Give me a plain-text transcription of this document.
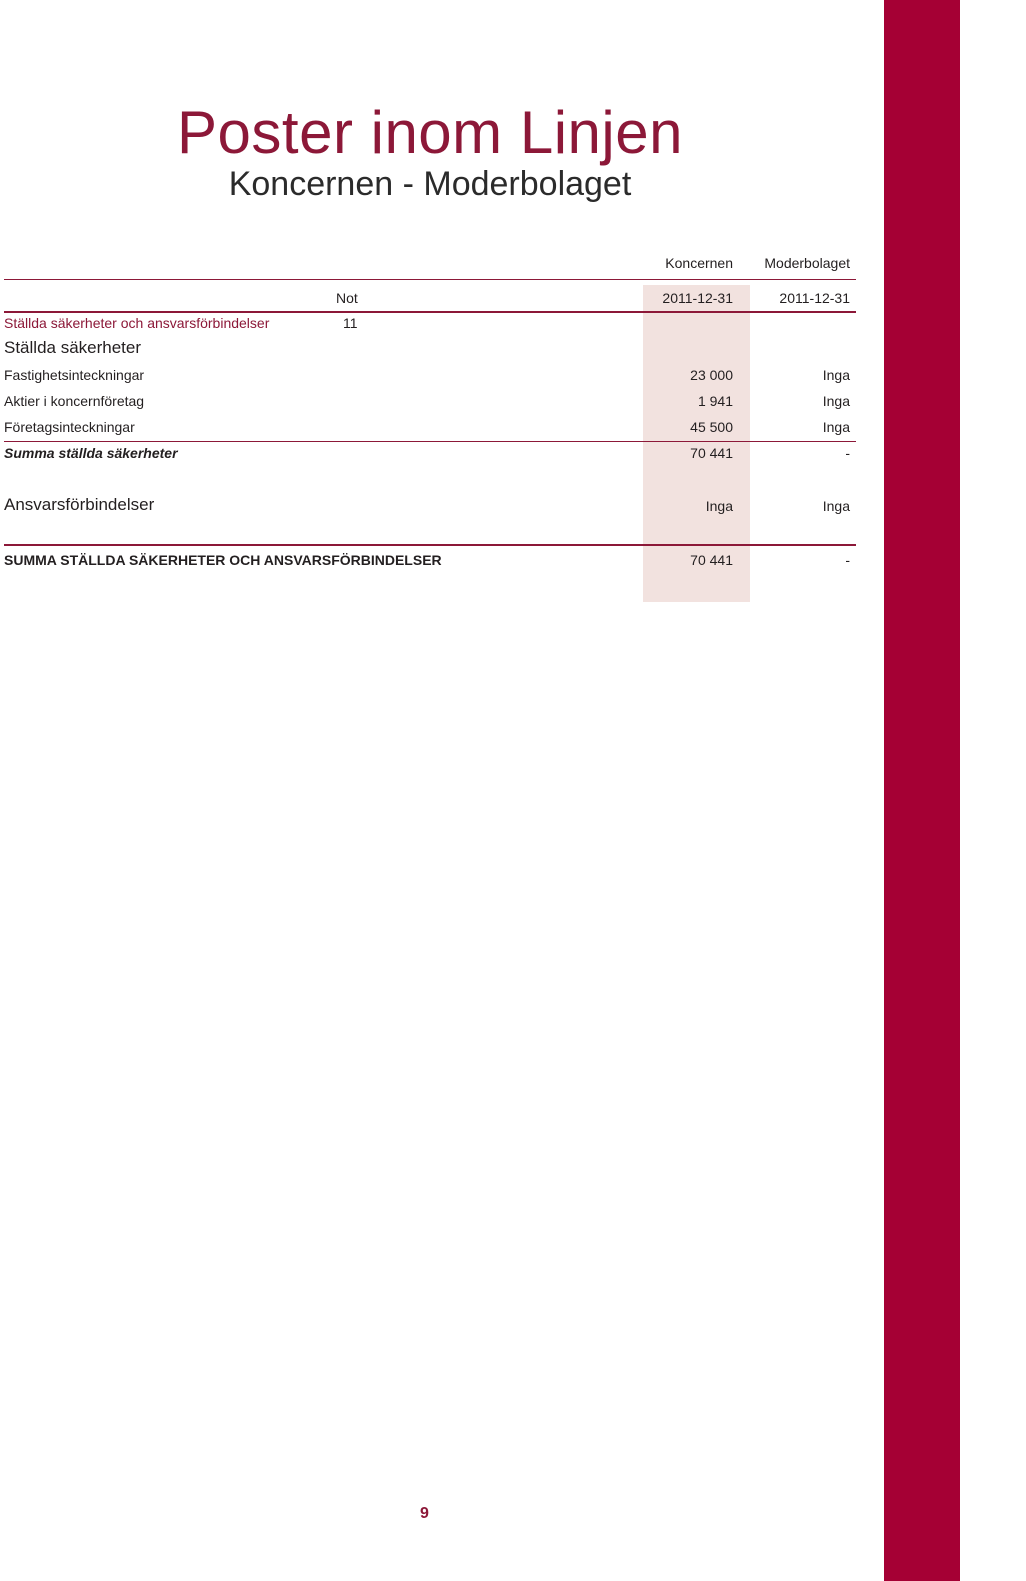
Poster inom Linjen
Koncernen - Moderbolaget
Koncernen Moderbolaget
Not	2011-12-31	2011-12-31
Ställda säkerheter och ansvarsförbindelser	11
Ställda säkerheter
Fastighetsinteckningar	23 000	Inga
Aktier i koncernföretag	1 941	Inga
Företagsinteckningar	45 500	Inga
Summa ställda säkerheter	70 441	-
Ansvarsförbindelser	Inga	Inga
SUMMA STÄLLDA SÄKERHETER OCH ANSVARSFÖRBINDELSER	70 441	- POSTER INOM LINJEN
9
